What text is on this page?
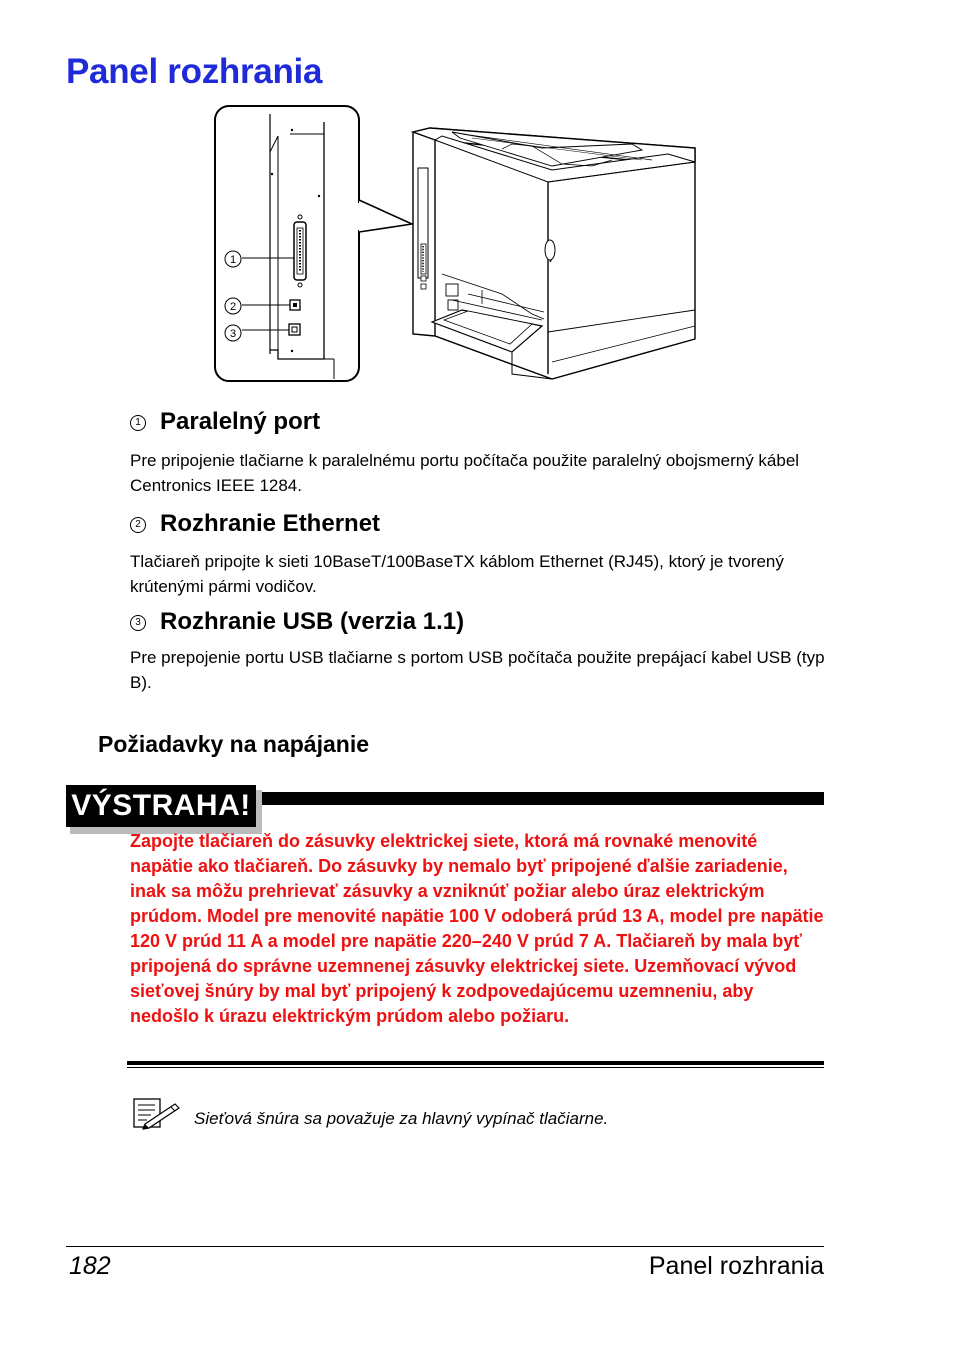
Panel rozhrania
1
2
3
1 Paralelný port

Pre pripojenie tlačiarne k paralelnému portu počítača použite paralelný obojsmerný kábel Centronics IEEE 1284.

2 Rozhranie Ethernet

Tlačiareň pripojte k sieti 10BaseT/100BaseTX káblom Ethernet (RJ45), ktorý je tvorený krútenými pármi vodičov.

3 Rozhranie USB (verzia 1.1)

Pre prepojenie portu USB tlačiarne s portom USB počítača použite prepájací kabel USB (typ B).

Požiadavky na napájanie
VÝSTRAHA!

Zapojte tlačiareň do zásuvky elektrickej siete, ktorá má rovnaké menovité napätie ako tlačiareň. Do zásuvky by nemalo byť pripojené ďalšie zariadenie, inak sa môžu prehrievať zásuvky a vzniknúť požiar alebo úraz elektrickým prúdom. Model pre menovité napätie 100 V odoberá prúd 13 A, model pre napätie 120 V prúd 11 A a model pre napätie 220–240 V prúd 7 A. Tlačiareň by mala byť pripojená do správne uzemnenej zásuvky elektrickej siete. Uzemňovací vývod sieťovej šnúry by mal byť pripojený k zodpovedajúcemu uzemneniu, aby nedošlo k úrazu elektrickým prúdom alebo požiaru.

Sieťová šnúra sa považuje za hlavný vypínač tlačiarne.

182	Panel rozhrania
